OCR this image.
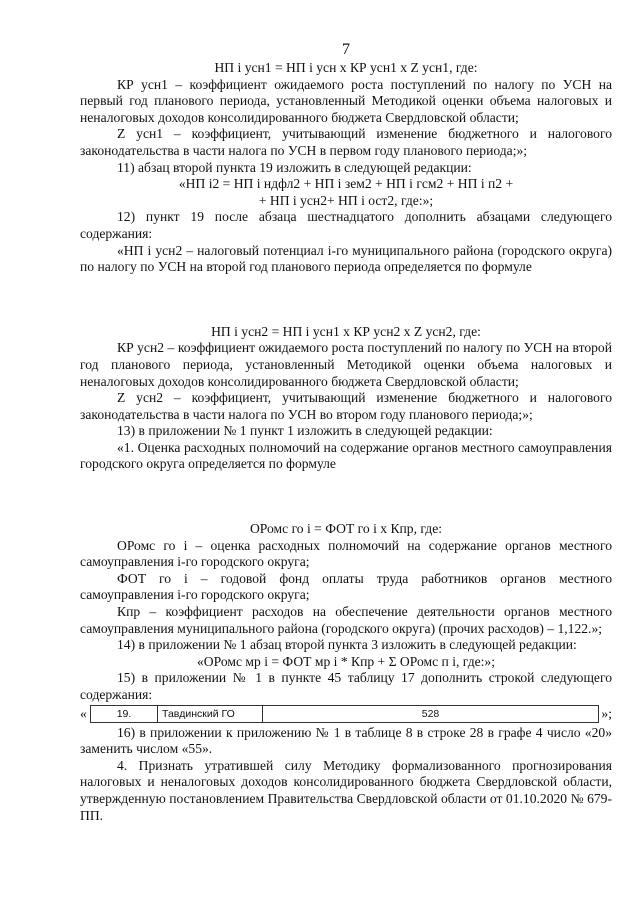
7

НП i усн1 = НП i усн х КР усн1 х Z усн1, где:

КР усн1 – коэффициент ожидаемого роста поступлений по налогу по УСН на первый год планового периода, установленный Методикой оценки объема налоговых и неналоговых доходов консолидированного бюджета Свердловской области;

Z усн1 – коэффициент, учитывающий изменение бюджетного и налогового законодательства в части налога по УСН в первом году планового периода;»;

11) абзац второй пункта 19 изложить в следующей редакции:

«НП i2 = НП i ндфл2 + НП i зем2 + НП i гсм2 + НП i п2 +

+ НП i усн2+ НП i ост2, где:»;

12) пункт 19 после абзаца шестнадцатого дополнить абзацами следующего содержания:

«НП i усн2 – налоговый потенциал i-го муниципального района (городского округа) по налогу по УСН на второй год планового периода определяется по формуле

НП i усн2 = НП i усн1 х КР усн2 х Z усн2, где:

КР усн2 – коэффициент ожидаемого роста поступлений по налогу по УСН на второй год планового периода, установленный Методикой оценки объема налоговых и неналоговых доходов консолидированного бюджета Свердловской области;

Z усн2 – коэффициент, учитывающий изменение бюджетного и налогового законодательства в части налога по УСН во втором году планового периода;»;

13) в приложении № 1 пункт 1 изложить в следующей редакции:

«1. Оценка расходных полномочий на содержание органов местного самоуправления городского округа определяется по формуле

ОРомс го i = ФОТ го i х Кпр, где:

ОРомс го i – оценка расходных полномочий на содержание органов местного самоуправления i-го городского округа;

ФОТ го i – годовой фонд оплаты труда работников органов местного самоуправления i-го городского округа;

Кпр – коэффициент расходов на обеспечение деятельности органов местного самоуправления муниципального района (городского округа) (прочих расходов) – 1,122.»;

14) в приложении № 1 абзац второй пункта 3 изложить в следующей редакции:

«ОРомс мр i = ФОТ мр i * Кпр + Σ ОРомс п i, где:»;

15) в приложении № 1 в пункте 45 таблицу 17 дополнить строкой следующего содержания:

«	19.	Тавдинский ГО	528	»;

16) в приложении к приложению № 1 в таблице 8 в строке 28 в графе 4 число «20» заменить числом «55».

4. Признать утратившей силу Методику формализованного прогнозирования налоговых и неналоговых доходов консолидированного бюджета Свердловской области, утвержденную постановлением Правительства Свердловской области от 01.10.2020 № 679-ПП.
